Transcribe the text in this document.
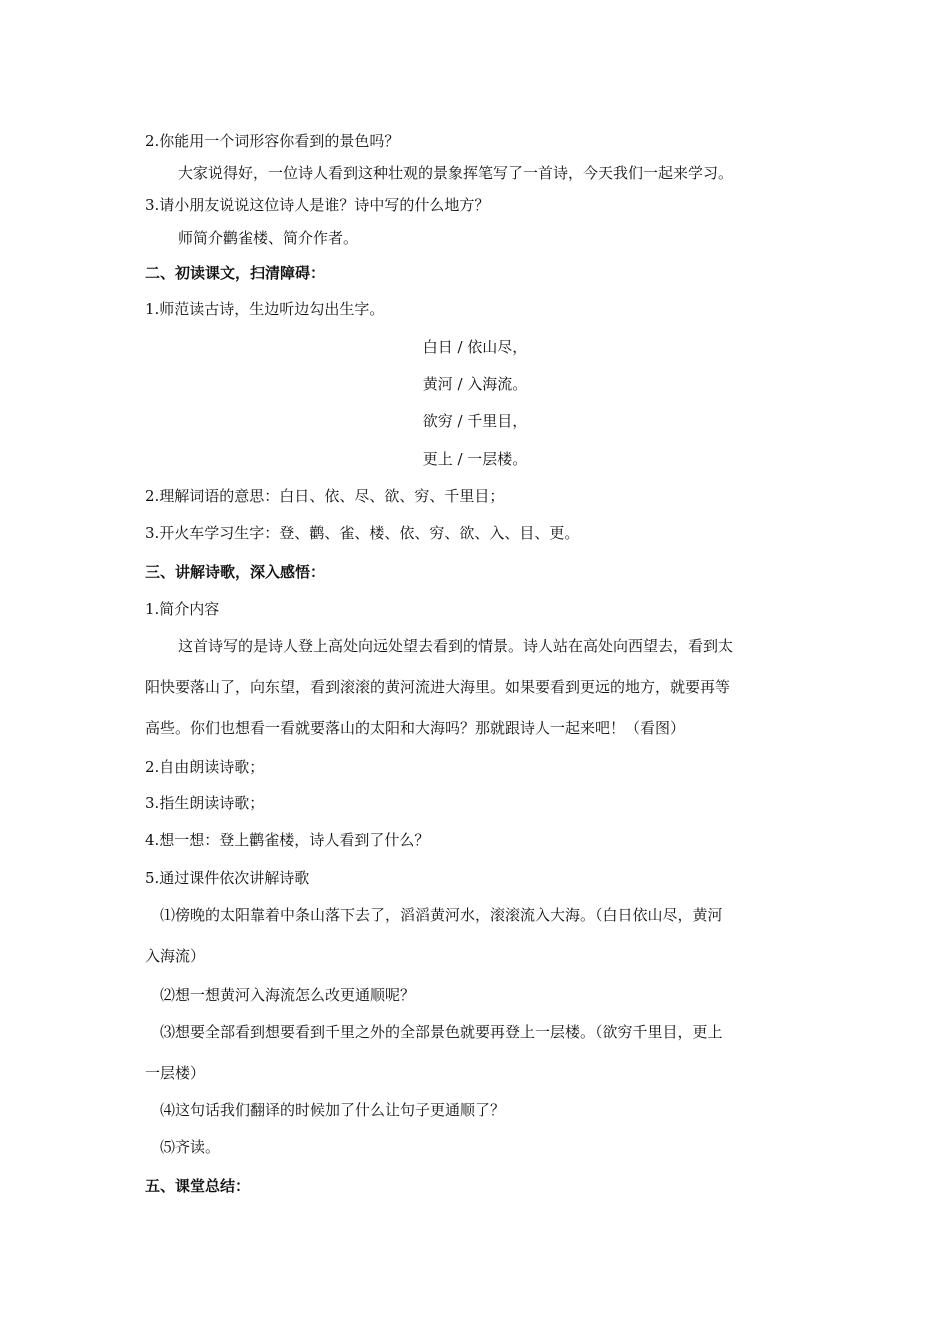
2.你能用一个词形容你看到的景色吗？
大家说得好，一位诗人看到这种壮观的景象挥笔写了一首诗，今天我们一起来学习。
3.请小朋友说说这位诗人是谁？诗中写的什么地方？
师简介鹳雀楼、简介作者。
二、初读课文，扫清障碍：
1.师范读古诗，生边听边勾出生字。
白日 / 依山尽，
黄河 / 入海流。
欲穷 / 千里目，
更上 / 一层楼。
2.理解词语的意思：白日、依、尽、欲、穷、千里目；
3.开火车学习生字：登、鹳、雀、楼、依、穷、欲、入、目、更。
三、讲解诗歌，深入感悟：
1.简介内容
这首诗写的是诗人登上高处向远处望去看到的情景。诗人站在高处向西望去，看到太
阳快要落山了，向东望，看到滚滚的黄河流进大海里。如果要看到更远的地方，就要再等
高些。你们也想看一看就要落山的太阳和大海吗？那就跟诗人一起来吧！（看图）
2.自由朗读诗歌；
3.指生朗读诗歌；
4.想一想：登上鹳雀楼，诗人看到了什么？
5.通过课件依次讲解诗歌
⑴傍晚的太阳靠着中条山落下去了，滔滔黄河水，滚滚流入大海。（白日依山尽，黄河
入海流）
⑵想一想黄河入海流怎么改更通顺呢？
⑶想要全部看到想要看到千里之外的全部景色就要再登上一层楼。（欲穷千里目，更上
一层楼）
⑷这句话我们翻译的时候加了什么让句子更通顺了？
⑸齐读。
五、课堂总结：
